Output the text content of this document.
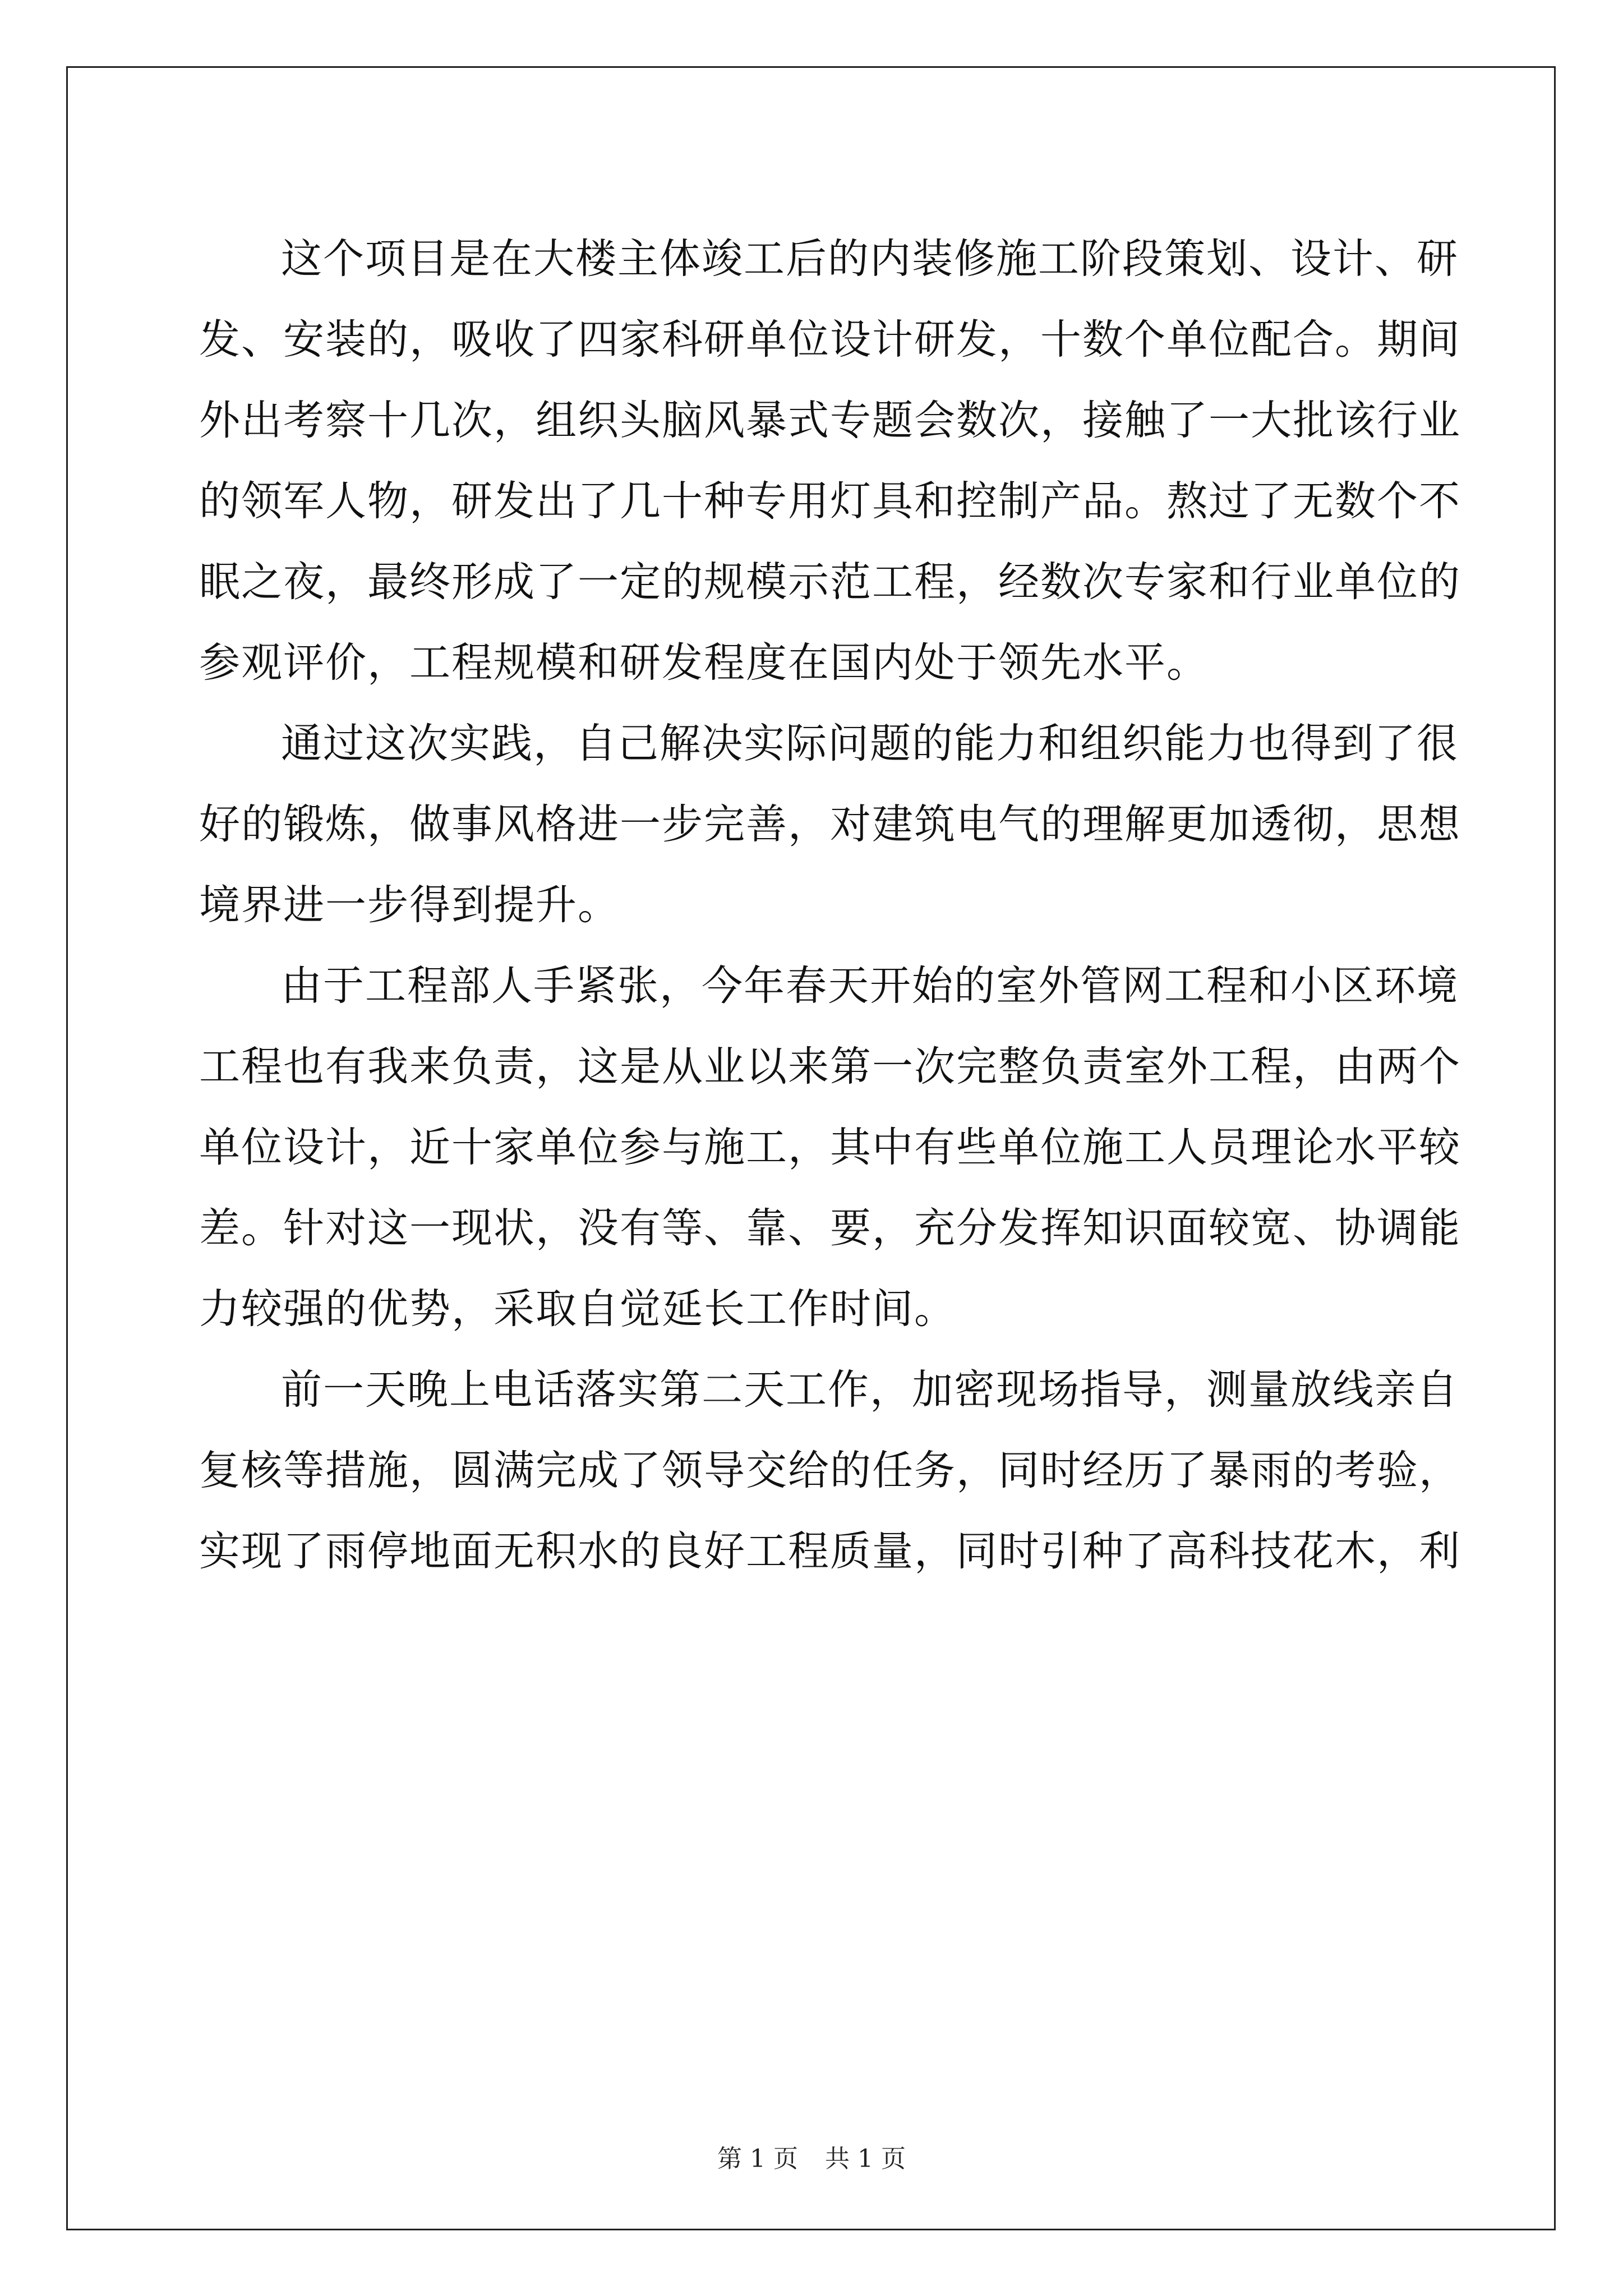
这个项目是在大楼主体竣工后的内装修施工阶段策划、设计、研
发、安装的，吸收了四家科研单位设计研发，十数个单位配合。期间
外出考察十几次，组织头脑风暴式专题会数次，接触了一大批该行业
的领军人物，研发出了几十种专用灯具和控制产品。熬过了无数个不
眠之夜，最终形成了一定的规模示范工程，经数次专家和行业单位的
参观评价，工程规模和研发程度在国内处于领先水平。

通过这次实践，自己解决实际问题的能力和组织能力也得到了很
好的锻炼，做事风格进一步完善，对建筑电气的理解更加透彻，思想
境界进一步得到提升。

由于工程部人手紧张，今年春天开始的室外管网工程和小区环境
工程也有我来负责，这是从业以来第一次完整负责室外工程，由两个
单位设计，近十家单位参与施工，其中有些单位施工人员理论水平较
差。针对这一现状，没有等、靠、要，充分发挥知识面较宽、协调能
力较强的优势，采取自觉延长工作时间。

前一天晚上电话落实第二天工作，加密现场指导，测量放线亲自
复核等措施，圆满完成了领导交给的任务，同时经历了暴雨的考验，
实现了雨停地面无积水的良好工程质量，同时引种了高科技花木，利

第 1 页 共 1 页
